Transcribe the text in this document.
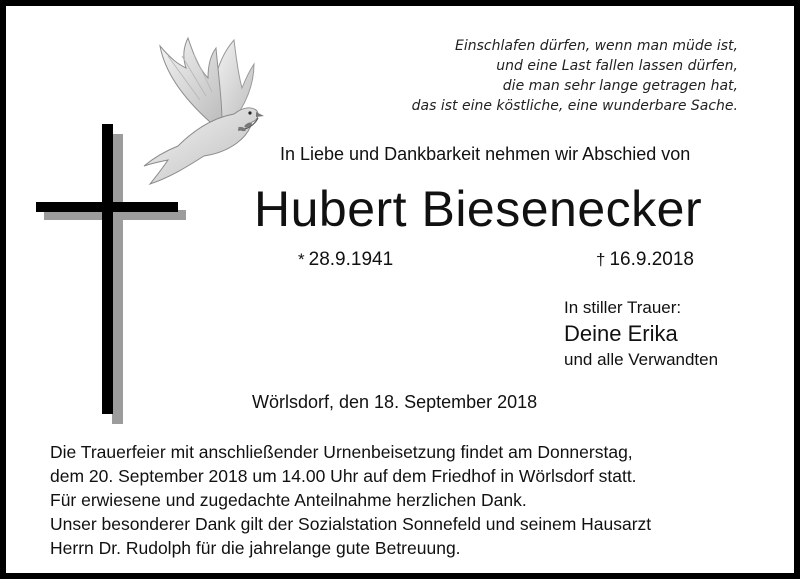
Einschlafen dürfen, wenn man müde ist,
und eine Last fallen lassen dürfen,
die man sehr lange getragen hat,
das ist eine köstliche, eine wunderbare Sache.
In Liebe und Dankbarkeit nehmen wir Abschied von
Hubert Biesenecker
* 28.9.1941	† 16.9.2018
In stiller Trauer:
Deine Erika
und alle Verwandten
Wörlsdorf, den 18. September 2018
Die Trauerfeier mit anschließender Urnenbeisetzung findet am Donnerstag,
dem 20. September 2018 um 14.00 Uhr auf dem Friedhof in Wörlsdorf statt.
Für erwiesene und zugedachte Anteilnahme herzlichen Dank.
Unser besonderer Dank gilt der Sozialstation Sonnefeld und seinem Hausarzt
Herrn Dr. Rudolph für die jahrelange gute Betreuung.
